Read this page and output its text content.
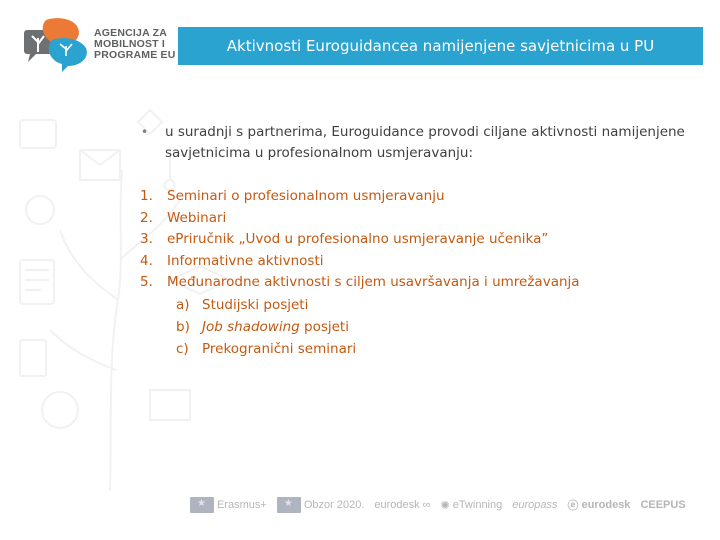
AGENCIJA ZA
MOBILNOST I
PROGRAME EU	Aktivnosti Euroguidancea namijenjene savjetnicima u PU
• u suradnji s partnerima, Euroguidance provodi ciljane aktivnosti namijenjene savjetnicima u profesionalnom usmjeravanju:
1. Seminari o profesionalnom usmjeravanju
2. Webinari
3. ePriručnik „Uvod u profesionalno usmjeravanje učenika”
4. Informativne aktivnosti
5. Međunarodne aktivnosti s ciljem usavršavanja i umrežavanja
a) Studijski posjeti
b) Job shadowing posjeti
c) Prekogranični seminari
★
Erasmus+
★	Obzor 2020. eurodesk ∞ ✺ eTwinning europass ⓔ eurodesk CEEPUS
